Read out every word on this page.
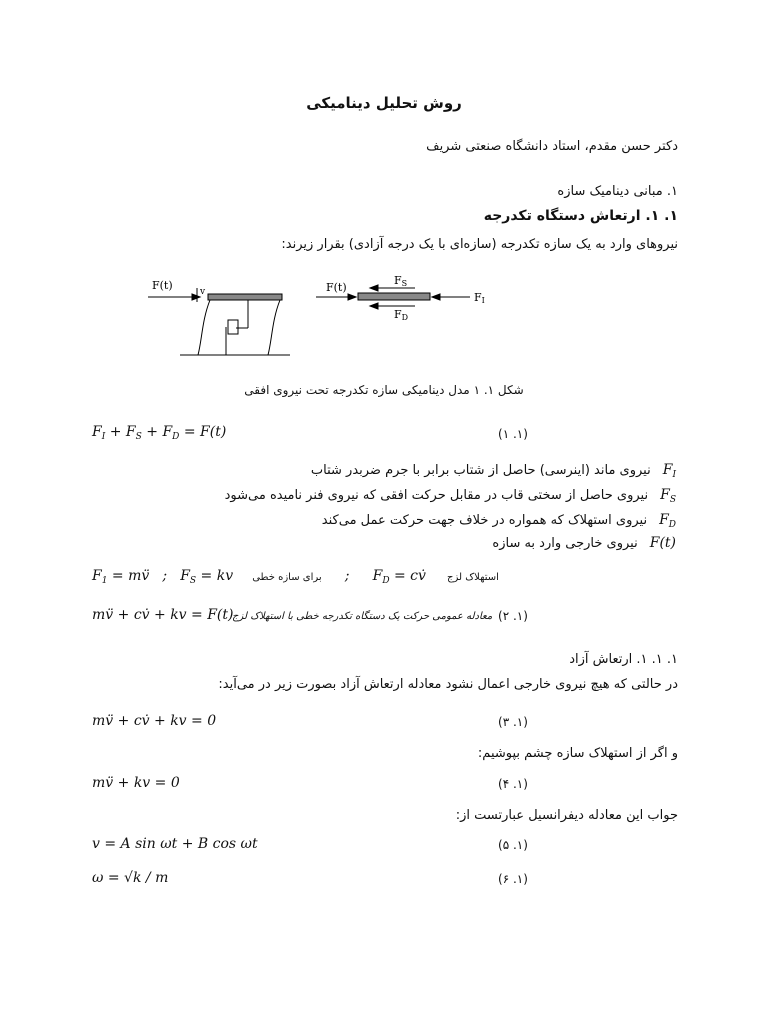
روش تحلیل دینامیکی
دکتر حسن مقدم، استاد دانشگاه صنعتی شریف
۱. مبانی دینامیک سازه
۱. ۱. ارتعاش دستگاه تکدرجه
نیروهای وارد به یک سازه تکدرجه (سازه‌ای با یک درجه آزادی) بقرار زیرند:
F(t)	v	F(t)
FS
FD
FI
شکل ۱. ۱ مدل دینامیکی سازه تکدرجه تحت نیروی افقی
$F_I + F_S + F_D = F(t)$	(۱. ۱)
$F_Iنیروی$ ماند (اینرسی) حاصل از شتاب برابر با جرم ضربدر شتاب
$F_Sنیروی$ حاصل از سختی قاب در مقابل حرکت افقی که نیروی فنر نامیده می‌شود
$F_Dنیروی$ استهلاک که همواره در خلاف جهت حرکت عمل می‌کند
F(t)نیروی خارجی وارد به سازه
$F_1$ = mv̈ ; $F_S$ = kv برای سازه خطی ; $F_D$ = cv̇ استهلاک لزج
mv̈ + cv̇ + kv = F(t)
معادله عمومی حرکت یک دستگاه تکدرجه خطی با استهلاک لزج (۱. ۲)
۱. ۱. ۱. ارتعاش آزاد
در حالتی که هیچ نیروی خارجی اعمال نشود معادله ارتعاش آزاد بصورت زیر در می‌آید:
mv̈ + cv̇ + kv = 0	(۱. ۳)
و اگر از استهلاک سازه چشم بپوشیم:
mv̈ + kv = 0	(۱. ۴)
جواب این معادله دیفرانسیل عبارتست از:
v = A sin ωt + B cos ωt	(۱. ۵)
ω = √k / m	(۱. ۶)
